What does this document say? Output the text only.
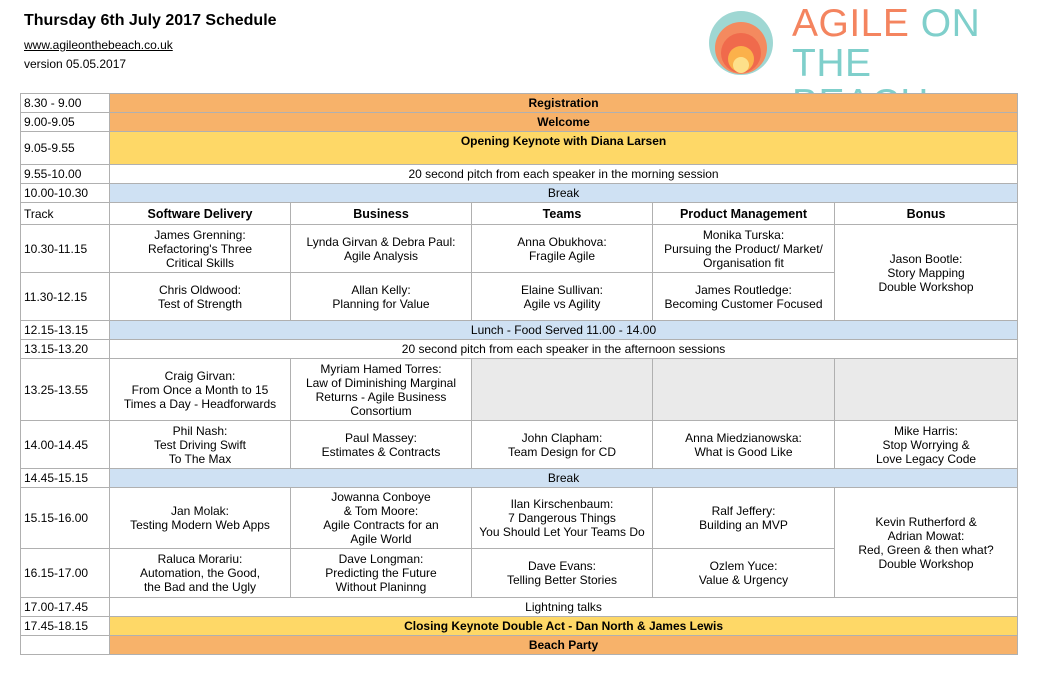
Thursday 6th July 2017 Schedule
www.agileonthebeach.co.uk
version 05.05.2017
AGILE ON
THE
8.30 - 9.00	Registration				
9.00-9.05	Welcome				
9.05-9.55	Opening Keynote with Diana Larsen				
9.55-10.00	20 second pitch from each speaker in the morning session				
10.00-10.30	Break				
Track	Software Delivery	Business	Teams	Product Management	Bonus
10.30-11.15	James Grenning:
Refactoring's Three
Critical Skills	Lynda Girvan & Debra Paul:
Agile Analysis	Anna Obukhova:
Fragile Agile	Monika Turska:
Pursuing the Product/ Market/
Organisation fit	Jason Bootle:
Story Mapping
Double Workshop
11.30-12.15	Chris Oldwood:
Test of Strength	Allan Kelly:
Planning for Value	Elaine Sullivan:
Agile vs Agility	James Routledge:
Becoming Customer Focused	
12.15-13.15	Lunch - Food Served 11.00 - 14.00				
13.15-13.20	20 second pitch from each speaker in the afternoon sessions				
13.25-13.55	Craig Girvan:
From Once a Month to 15
Times a Day - Headforwards	Myriam Hamed Torres:
Law of Diminishing Marginal
Returns - Agile Business
Consortium			
14.00-14.45	Phil Nash:
Test Driving Swift
To The Max	Paul Massey:
Estimates & Contracts	John Clapham:
Team Design for CD	Anna Miedzianowska:
What is Good Like	Mike Harris:
Stop Worrying &
Love Legacy Code
14.45-15.15	Break				
15.15-16.00	Jan Molak:
Testing Modern Web Apps	Jowanna Conboye
& Tom Moore:
Agile Contracts for an
Agile World	Ilan Kirschenbaum:
7 Dangerous Things
You Should Let Your Teams Do	Ralf Jeffery:
Building an MVP	Kevin Rutherford &
Adrian Mowat:
Red, Green & then what?
Double Workshop
16.15-17.00	Raluca Morariu:
Automation, the Good,
the Bad and the Ugly	Dave Longman:
Predicting the Future
Without Planinng	Dave Evans:
Telling Better Stories	Ozlem Yuce:
Value & Urgency	
17.00-17.45	Lightning talks				
17.45-18.15	Closing Keynote Double Act - Dan North & James Lewis				
	Beach Party				
